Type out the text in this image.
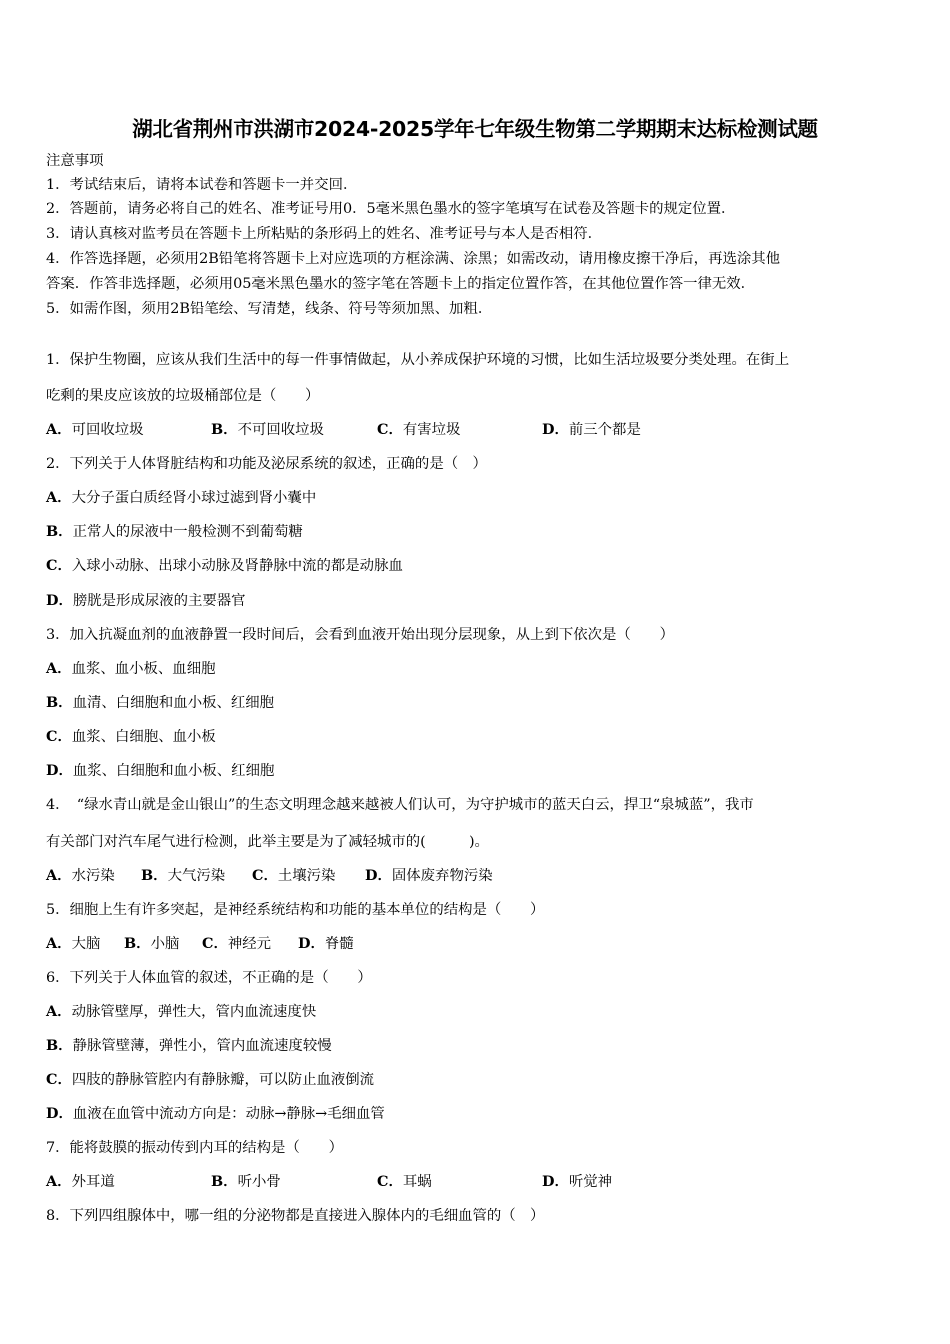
湖北省荆州市洪湖市2024-2025学年七年级生物第二学期期末达标检测试题
注意事项
1．考试结束后，请将本试卷和答题卡一并交回．
2．答题前，请务必将自己的姓名、准考证号用0．5毫米黑色墨水的签字笔填写在试卷及答题卡的规定位置．
3．请认真核对监考员在答题卡上所粘贴的条形码上的姓名、准考证号与本人是否相符．
4．作答选择题，必须用2B铅笔将答题卡上对应选项的方框涂满、涂黑；如需改动，请用橡皮擦干净后，再选涂其他
答案．作答非选择题，必须用05毫米黑色墨水的签字笔在答题卡上的指定位置作答，在其他位置作答一律无效．
5．如需作图，须用2B铅笔绘、写清楚，线条、符号等须加黑、加粗．
1．保护生物圈，应该从我们生活中的每一件事情做起，从小养成保护环境的习惯，比如生活垃圾要分类处理。在街上
吃剩的果皮应该放的垃圾桶部位是（　　）
A．可回收垃圾	B．不可回收垃圾	C．有害垃圾	D．前三个都是
2．下列关于人体肾脏结构和功能及泌尿系统的叙述，正确的是（　）
A．大分子蛋白质经肾小球过滤到肾小囊中
B．正常人的尿液中一般检测不到葡萄糖
C．入球小动脉、出球小动脉及肾静脉中流的都是动脉血
D．膀胱是形成尿液的主要器官
3．加入抗凝血剂的血液静置一段时间后，会看到血液开始出现分层现象，从上到下依次是（　　）
A．血浆、血小板、血细胞
B．血清、白细胞和血小板、红细胞
C．血浆、白细胞、血小板
D．血浆、白细胞和血小板、红细胞
4．　“绿水青山就是金山银山”的生态文明理念越来越被人们认可，为守护城市的蓝天白云，捍卫“泉城蓝”，我市
有关部门对汽车尾气进行检测，此举主要是为了减轻城市的(　　　)。
A．水污染 B．大气污染 C．土壤污染 D．固体废弃物污染
5．细胞上生有许多突起，是神经系统结构和功能的基本单位的结构是（　　）
A．大脑 B．小脑 C．神经元 D．脊髓
6．下列关于人体血管的叙述，不正确的是（　　）
A．动脉管壁厚，弹性大，管内血流速度快
B．静脉管壁薄，弹性小，管内血流速度较慢
C．四肢的静脉管腔内有静脉瓣，可以防止血液倒流
D．血液在血管中流动方向是：动脉→静脉→毛细血管
7．能将鼓膜的振动传到内耳的结构是（　　）
A．外耳道	B．听小骨	C．耳蜗	D．听觉神
8．下列四组腺体中，哪一组的分泌物都是直接进入腺体内的毛细血管的（　）
